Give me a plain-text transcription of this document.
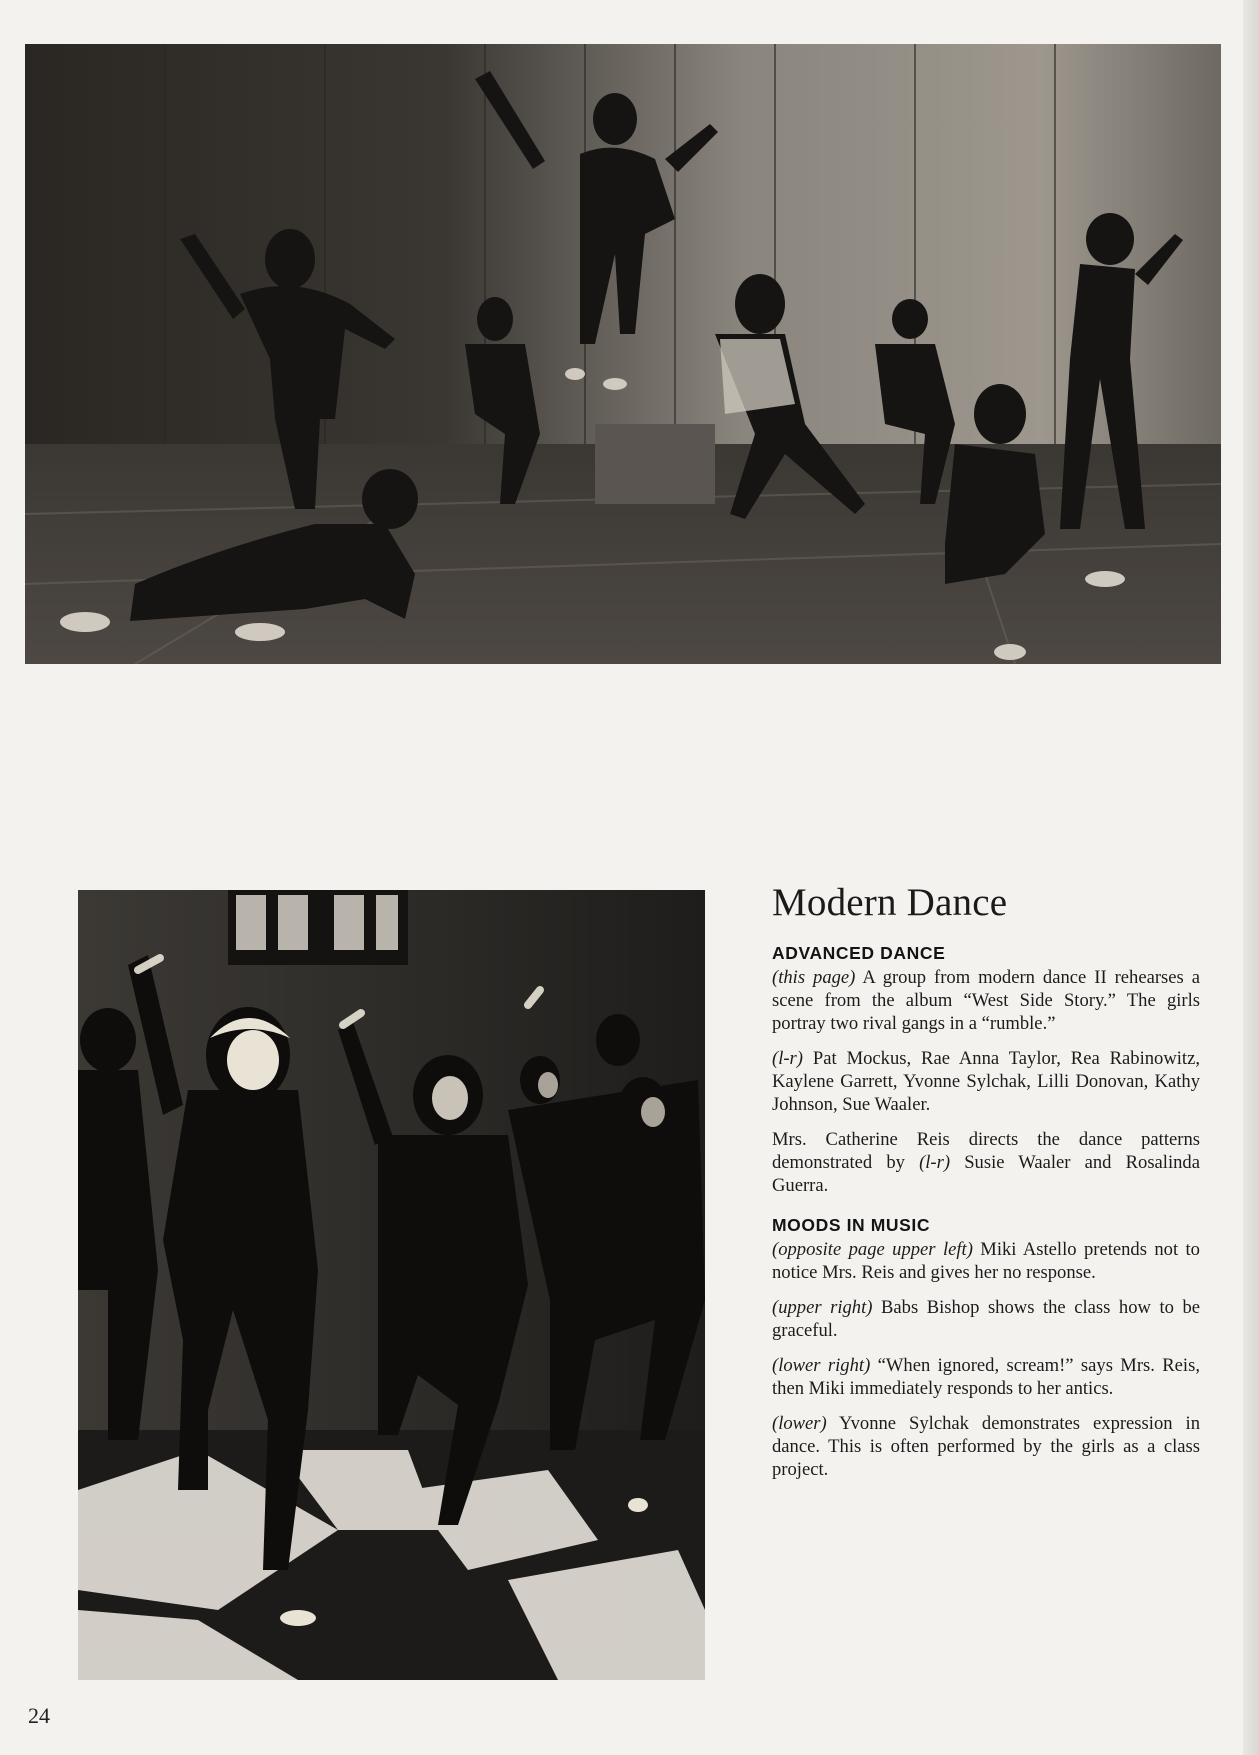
Modern Dance
ADVANCED DANCE

(this page) A group from modern dance II rehearses a scene from the album “West Side Story.” The girls portray two rival gangs in a “rumble.”

(l-r) Pat Mockus, Rae Anna Taylor, Rea Rabinowitz, Kaylene Garrett, Yvonne Sylchak, Lilli Donovan, Kathy Johnson, Sue Waaler.

Mrs. Catherine Reis directs the dance patterns demonstrated by (l-r) Susie Waaler and Rosalinda Guerra.

MOODS IN MUSIC

(opposite page upper left) Miki Astello pretends not to notice Mrs. Reis and gives her no response.

(upper right) Babs Bishop shows the class how to be graceful.

(lower right) “When ignored, scream!” says Mrs. Reis, then Miki immediately responds to her antics.

(lower) Yvonne Sylchak demonstrates expression in dance. This is often performed by the girls as a class project.

24
